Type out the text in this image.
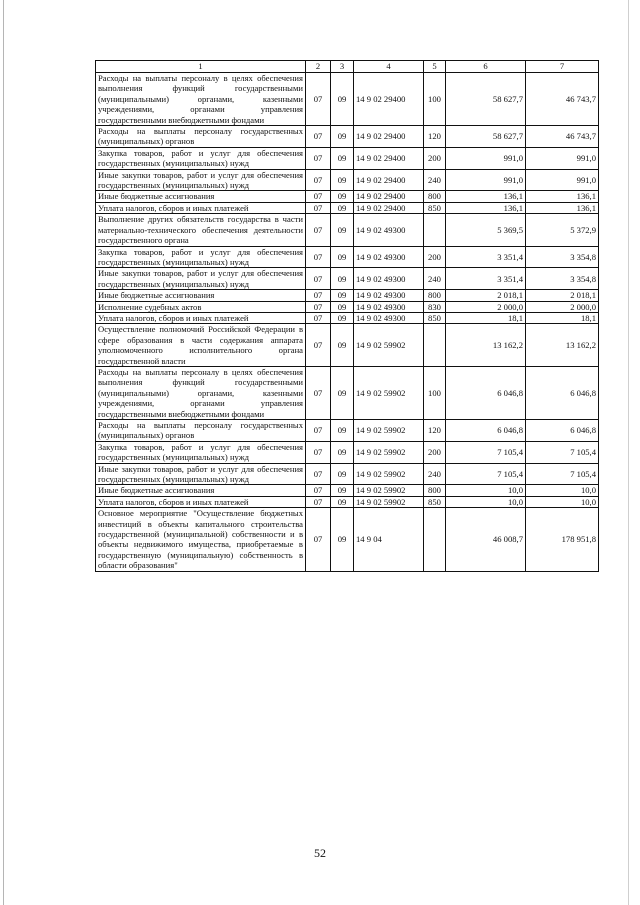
1	2	3	4	5	6	7
Расходы на выплаты персоналу в целях обеспечения выполнения функций государственными (муниципальными) органами, казенными учреждениями, органами управления государственными внебюджетными фондами	07	09	14 9 02 29400	100	58 627,7	46 743,7
Расходы на выплаты персоналу государственных (муниципальных) органов	07	09	14 9 02 29400	120	58 627,7	46 743,7
Закупка товаров, работ и услуг для обеспечения государственных (муниципальных) нужд	07	09	14 9 02 29400	200	991,0	991,0
Иные закупки товаров, работ и услуг для обеспечения государственных (муниципальных) нужд	07	09	14 9 02 29400	240	991,0	991,0
Иные бюджетные ассигнования	07	09	14 9 02 29400	800	136,1	136,1
Уплата налогов, сборов и иных платежей	07	09	14 9 02 29400	850	136,1	136,1
Выполнение других обязательств государства в части материально-технического обеспечения деятельности государственного органа	07	09	14 9 02 49300		5 369,5	5 372,9
Закупка товаров, работ и услуг для обеспечения государственных (муниципальных) нужд	07	09	14 9 02 49300	200	3 351,4	3 354,8
Иные закупки товаров, работ и услуг для обеспечения государственных (муниципальных) нужд	07	09	14 9 02 49300	240	3 351,4	3 354,8
Иные бюджетные ассигнования	07	09	14 9 02 49300	800	2 018,1	2 018,1
Исполнение судебных актов	07	09	14 9 02 49300	830	2 000,0	2 000,0
Уплата налогов, сборов и иных платежей	07	09	14 9 02 49300	850	18,1	18,1
Осуществление полномочий Российской Федерации в сфере образования в части содержания аппарата уполномоченного исполнительного органа государственной власти	07	09	14 9 02 59902		13 162,2	13 162,2
Расходы на выплаты персоналу в целях обеспечения выполнения функций государственными (муниципальными) органами, казенными учреждениями, органами управления государственными внебюджетными фондами	07	09	14 9 02 59902	100	6 046,8	6 046,8
Расходы на выплаты персоналу государственных (муниципальных) органов	07	09	14 9 02 59902	120	6 046,8	6 046,8
Закупка товаров, работ и услуг для обеспечения государственных (муниципальных) нужд	07	09	14 9 02 59902	200	7 105,4	7 105,4
Иные закупки товаров, работ и услуг для обеспечения государственных (муниципальных) нужд	07	09	14 9 02 59902	240	7 105,4	7 105,4
Иные бюджетные ассигнования	07	09	14 9 02 59902	800	10,0	10,0
Уплата налогов, сборов и иных платежей	07	09	14 9 02 59902	850	10,0	10,0
Основное мероприятие "Осуществление бюджетных инвестиций в объекты капитального строительства государственной (муниципальной) собственности и в объекты недвижимого имущества, приобретаемые в государственную (муниципальную) собственность в области образования"	07	09	14 9 04		46 008,7	178 951,8
52
